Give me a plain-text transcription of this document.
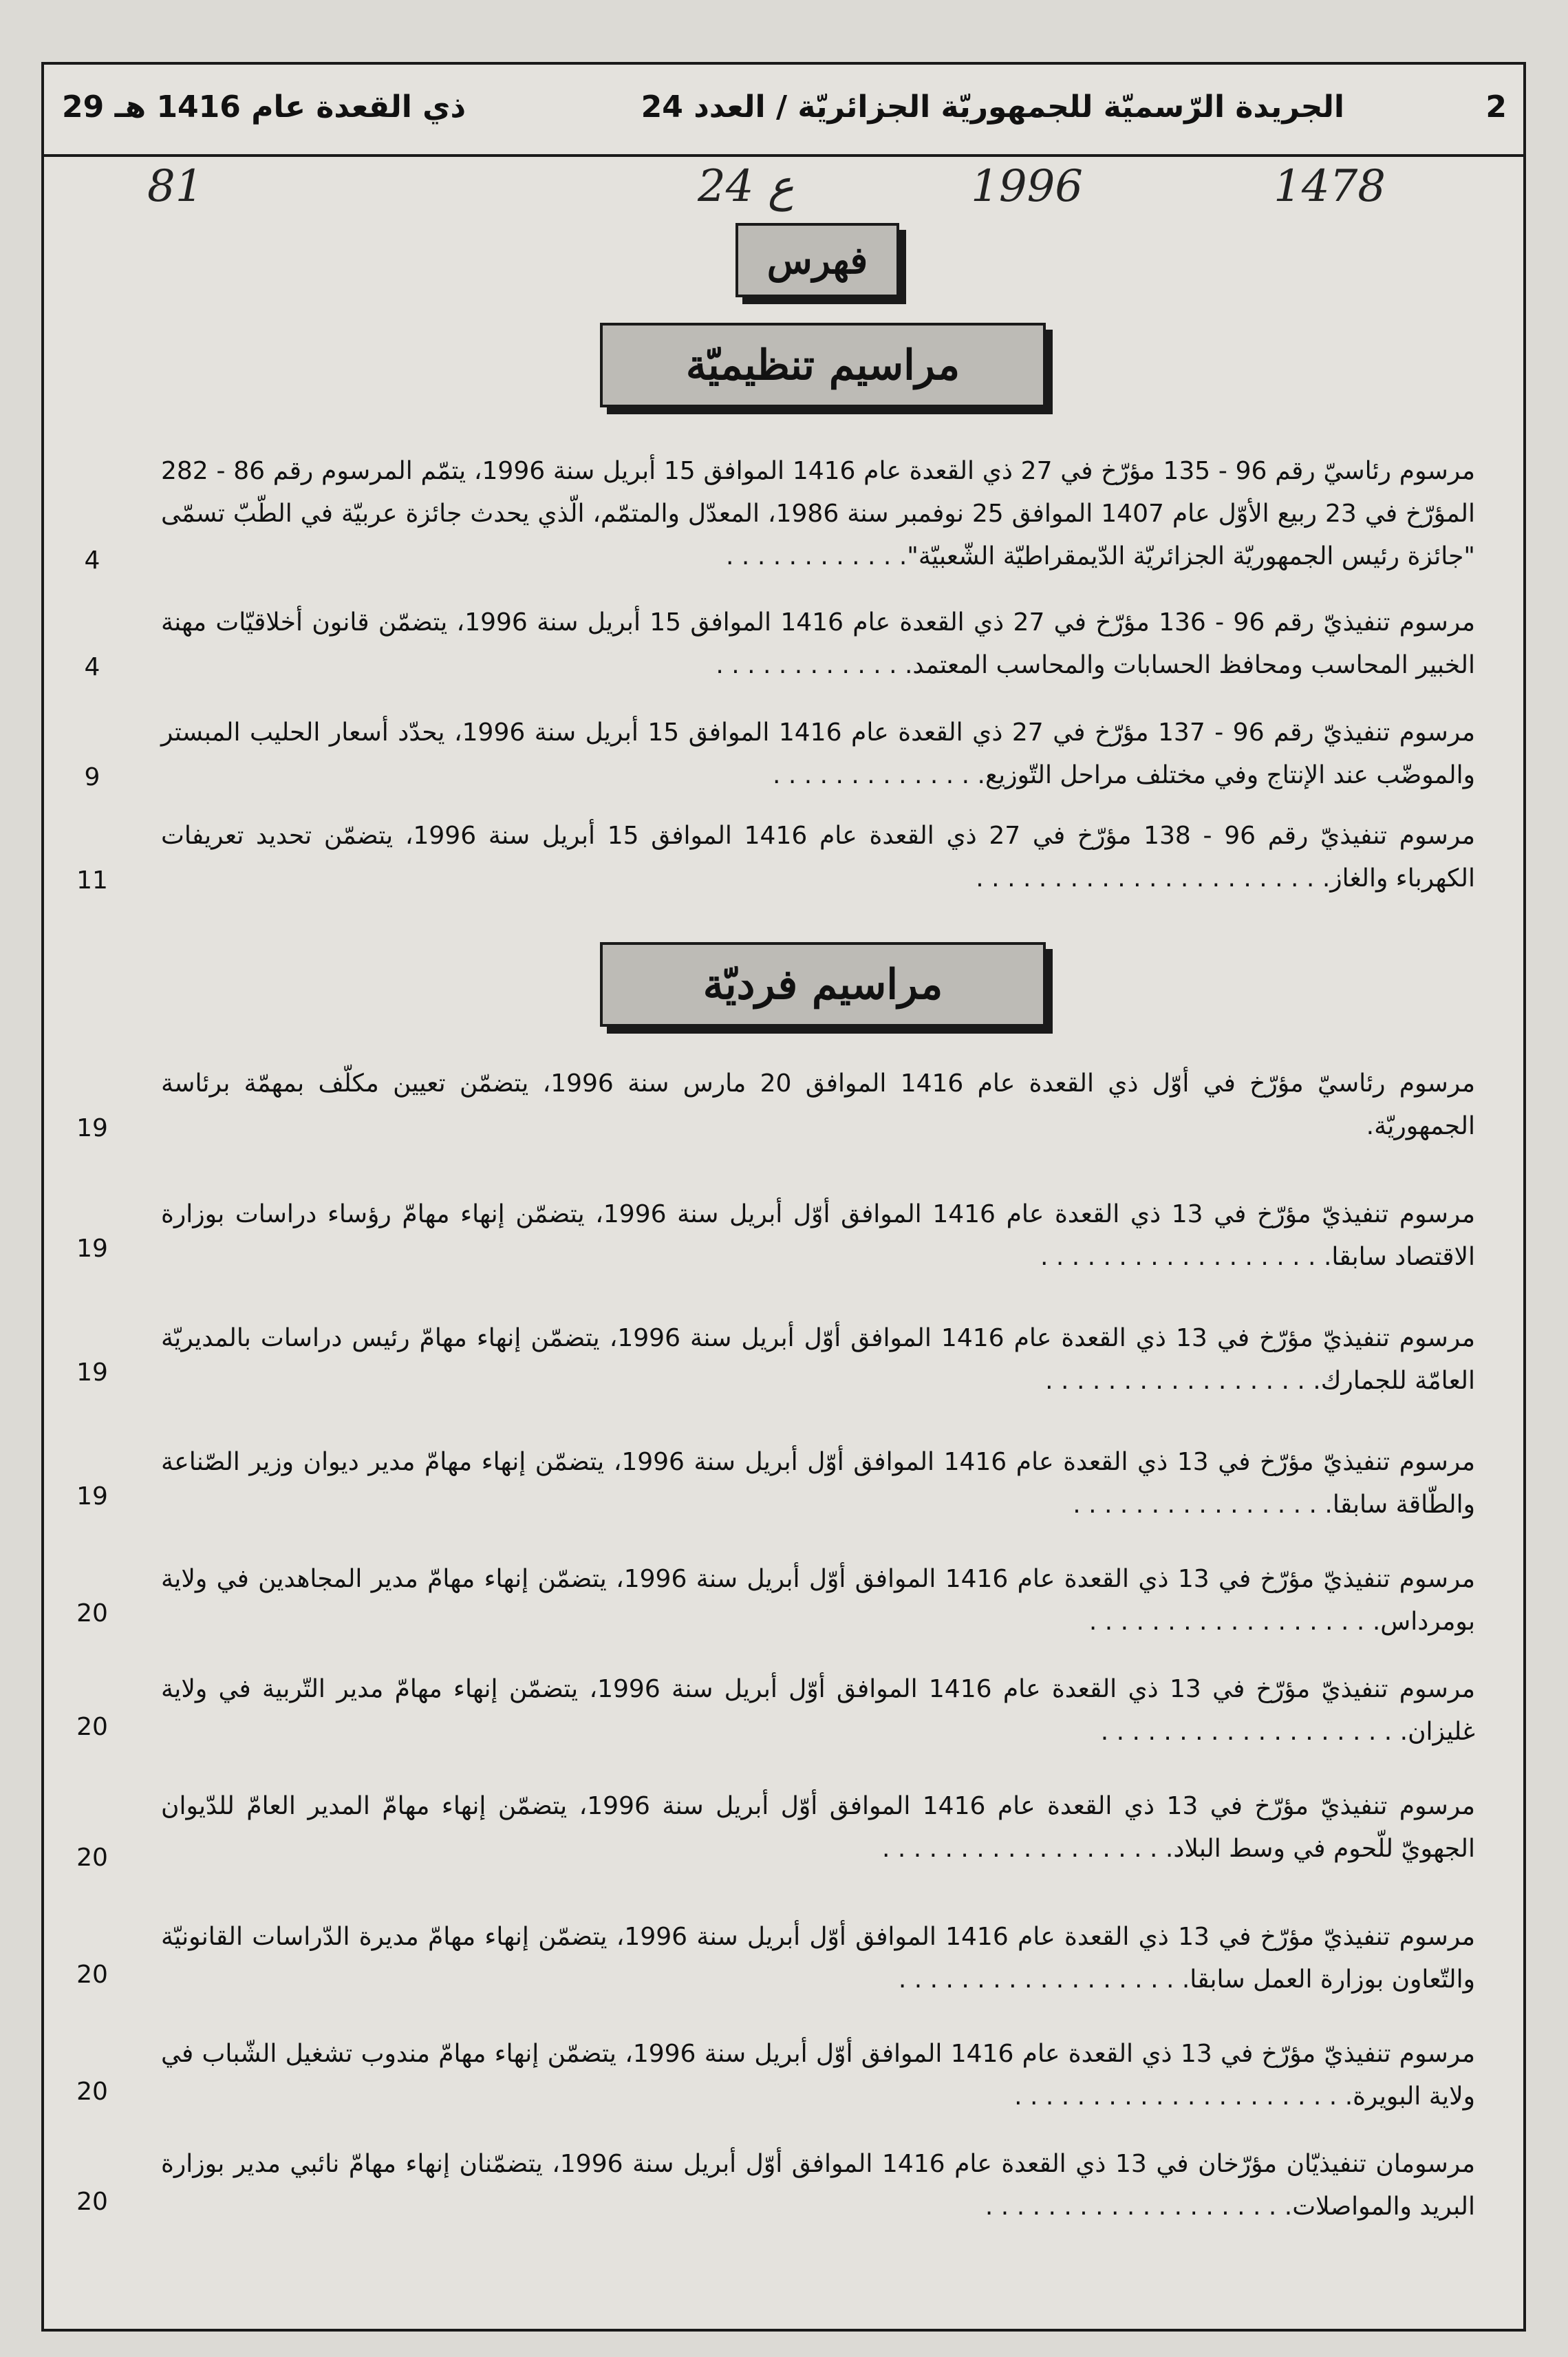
2
الجريدة الرّسميّة للجمهوريّة الجزائريّة / العدد 24
29 ذي القعدة عام 1416 هـ
1478
1996
ع 24
81
فهرس
مراسيم تنظيميّة
مراسيم فرديّة
مرسوم رئاسيّ رقم 96 - 135 مؤرّخ في 27 ذي القعدة عام 1416 الموافق 15 أبريل سنة 1996، يتمّم المرسوم رقم 86 - 282 المؤرّخ في 23 ربيع الأوّل عام 1407 الموافق 25 نوفمبر سنة 1986، المعدّل والمتمّم، الّذي يحدث جائزة عربيّة في الطّبّ تسمّى "جائزة رئيس الجمهوريّة الجزائريّة الدّيمقراطيّة الشّعبيّة". . . . . . . . . . . .
4
مرسوم تنفيذيّ رقم 96 - 136 مؤرّخ في 27 ذي القعدة عام 1416 الموافق 15 أبريل سنة 1996، يتضمّن قانون أخلاقيّات مهنة الخبير المحاسب ومحافظ الحسابات والمحاسب المعتمد. . . . . . . . . . . . .
4
مرسوم تنفيذيّ رقم 96 - 137 مؤرّخ في 27 ذي القعدة عام 1416 الموافق 15 أبريل سنة 1996، يحدّد أسعار الحليب المبستر والموضّب عند الإنتاج وفي مختلف مراحل التّوزيع. . . . . . . . . . . . . .
9
مرسوم تنفيذيّ رقم 96 - 138 مؤرّخ في 27 ذي القعدة عام 1416 الموافق 15 أبريل سنة 1996، يتضمّن تحديد تعريفات الكهرباء والغاز. . . . . . . . . . . . . . . . . . . . . . .
11
مرسوم رئاسيّ مؤرّخ في أوّل ذي القعدة عام 1416 الموافق 20 مارس سنة 1996، يتضمّن تعيين مكلّف بمهمّة برئاسة الجمهوريّة.
19
مرسوم تنفيذيّ مؤرّخ في 13 ذي القعدة عام 1416 الموافق أوّل أبريل سنة 1996، يتضمّن إنهاء مهامّ رؤساء دراسات بوزارة الاقتصاد سابقا. . . . . . . . . . . . . . . . . . .
19
مرسوم تنفيذيّ مؤرّخ في 13 ذي القعدة عام 1416 الموافق أوّل أبريل سنة 1996، يتضمّن إنهاء مهامّ رئيس دراسات بالمديريّة العامّة للجمارك. . . . . . . . . . . . . . . . . .
19
مرسوم تنفيذيّ مؤرّخ في 13 ذي القعدة عام 1416 الموافق أوّل أبريل سنة 1996، يتضمّن إنهاء مهامّ مدير ديوان وزير الصّناعة والطّاقة سابقا. . . . . . . . . . . . . . . . .
19
مرسوم تنفيذيّ مؤرّخ في 13 ذي القعدة عام 1416 الموافق أوّل أبريل سنة 1996، يتضمّن إنهاء مهامّ مدير المجاهدين في ولاية بومرداس. . . . . . . . . . . . . . . . . . .
20
مرسوم تنفيذيّ مؤرّخ في 13 ذي القعدة عام 1416 الموافق أوّل أبريل سنة 1996، يتضمّن إنهاء مهامّ مدير التّربية في ولاية غليزان. . . . . . . . . . . . . . . . . . . .
20
مرسوم تنفيذيّ مؤرّخ في 13 ذي القعدة عام 1416 الموافق أوّل أبريل سنة 1996، يتضمّن إنهاء مهامّ المدير العامّ للدّيوان الجهويّ للّحوم في وسط البلاد. . . . . . . . . . . . . . . . . . .
20
مرسوم تنفيذيّ مؤرّخ في 13 ذي القعدة عام 1416 الموافق أوّل أبريل سنة 1996، يتضمّن إنهاء مهامّ مديرة الدّراسات القانونيّة والتّعاون بوزارة العمل سابقا. . . . . . . . . . . . . . . . . . .
20
مرسوم تنفيذيّ مؤرّخ في 13 ذي القعدة عام 1416 الموافق أوّل أبريل سنة 1996، يتضمّن إنهاء مهامّ مندوب تشغيل الشّباب في ولاية البويرة. . . . . . . . . . . . . . . . . . . . . .
20
مرسومان تنفيذيّان مؤرّخان في 13 ذي القعدة عام 1416 الموافق أوّل أبريل سنة 1996، يتضمّنان إنهاء مهامّ نائبي مدير بوزارة البريد والمواصلات. . . . . . . . . . . . . . . . . . . .
20
